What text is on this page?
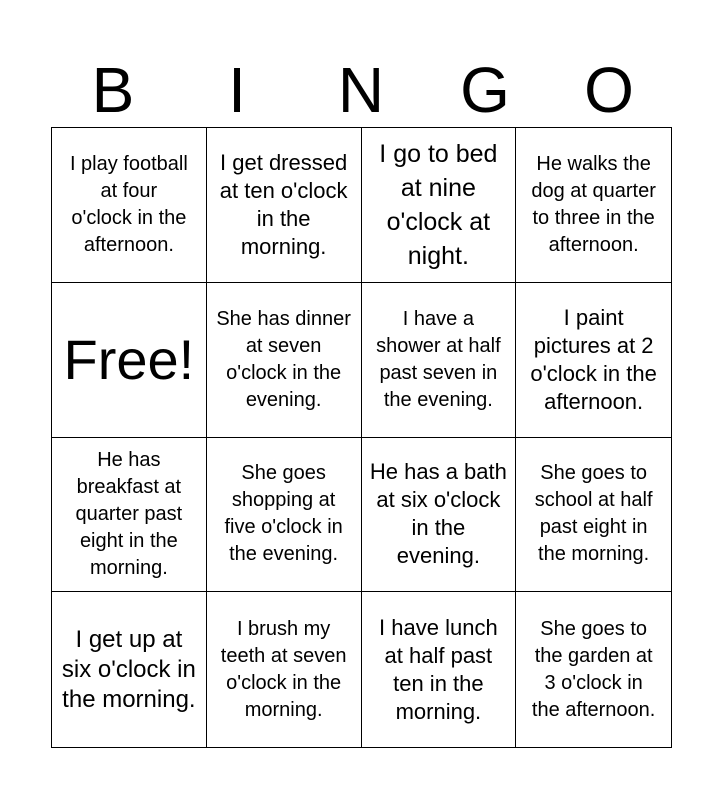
B	I	N	G	O
I play football at four o'clock in the afternoon.
I get dressed at ten o'clock in the morning.
I go to bed at nine o'clock at night.
He walks the dog at quarter to three in the afternoon.
Free!
She has dinner at seven o'clock in the evening.
I have a shower at half past seven in the evening.
I paint pictures at 2 o'clock in the afternoon.
He has breakfast at quarter past eight in the morning.
She goes shopping at five o'clock in the evening.
He has a bath at six o'clock in the evening.
She goes to school at half past eight in the morning.
I get up at six o'clock in the morning.
I brush my teeth at seven o'clock in the morning.
I have lunch at half past ten in the morning.
She goes to the garden at 3 o'clock in the afternoon.
